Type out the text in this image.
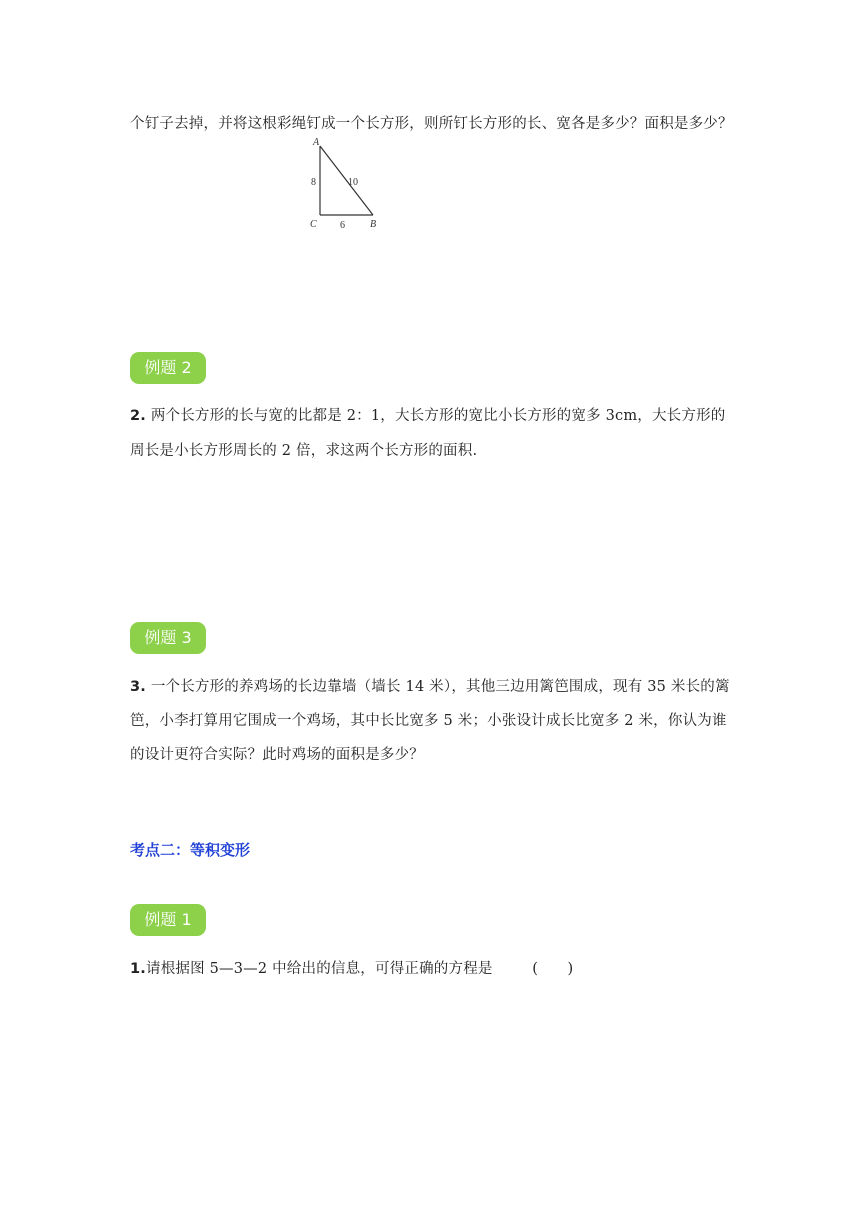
个钉子去掉，并将这根彩绳钉成一个长方形，则所钉长方形的长、宽各是多少？面积是多少？
A
C	B
8	10
6
例题 2
2. 两个长方形的长与宽的比都是 2：1，大长方形的宽比小长方形的宽多 3cm，大长方形的
周长是小长方形周长的 2 倍，求这两个长方形的面积.
例题 3
3. 一个长方形的养鸡场的长边靠墙（墙长 14 米），其他三边用篱笆围成，现有 35 米长的篱
笆，小李打算用它围成一个鸡场，其中长比宽多 5 米；小张设计成长比宽多 2 米，你认为谁
的设计更符合实际？此时鸡场的面积是多少？
考点二：等积变形
例题 1
1.请根据图 5—3—2 中给出的信息，可得正确的方程是	(　　)
